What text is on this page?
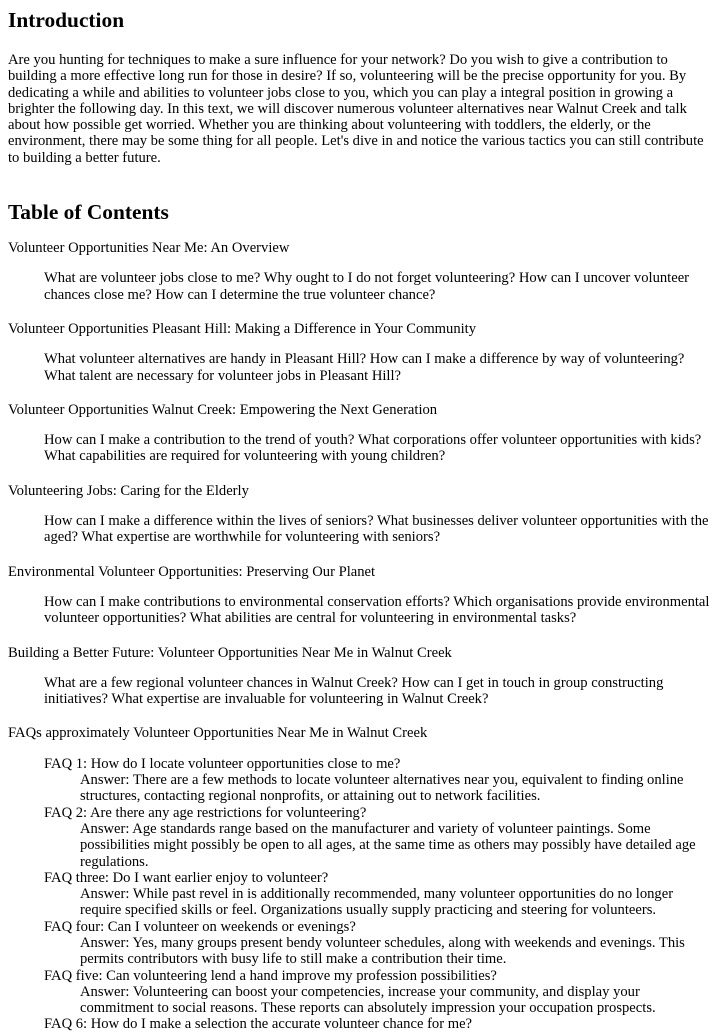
Introduction

Are you hunting for techniques to make a sure influence for your network? Do you wish to give a contribution to building a more effective long run for those in desire? If so, volunteering will be the precise opportunity for you. By dedicating a while and abilities to volunteer jobs close to you, which you can play a integral position in growing a brighter the following day. In this text, we will discover numerous volunteer alternatives near Walnut Creek and talk about how possible get worried. Whether you are thinking about volunteering with toddlers, the elderly, or the environment, there may be some thing for all people. Let's dive in and notice the various tactics you can still contribute to building a better future.

Table of Contents
Volunteer Opportunities Near Me: An Overview
What are volunteer jobs close to me? Why ought to I do not forget volunteering? How can I uncover volunteer chances close me? How can I determine the true volunteer chance?
Volunteer Opportunities Pleasant Hill: Making a Difference in Your Community
What volunteer alternatives are handy in Pleasant Hill? How can I make a difference by way of volunteering? What talent are necessary for volunteer jobs in Pleasant Hill?
Volunteer Opportunities Walnut Creek: Empowering the Next Generation
How can I make a contribution to the trend of youth? What corporations offer volunteer opportunities with kids? What capabilities are required for volunteering with young children?
Volunteering Jobs: Caring for the Elderly
How can I make a difference within the lives of seniors? What businesses deliver volunteer opportunities with the aged? What expertise are worthwhile for volunteering with seniors?
Environmental Volunteer Opportunities: Preserving Our Planet
How can I make contributions to environmental conservation efforts? Which organisations provide environmental volunteer opportunities? What abilities are central for volunteering in environmental tasks?
Building a Better Future: Volunteer Opportunities Near Me in Walnut Creek
What are a few regional volunteer chances in Walnut Creek? How can I get in touch in group constructing initiatives? What expertise are invaluable for volunteering in Walnut Creek?
FAQs approximately Volunteer Opportunities Near Me in Walnut Creek
FAQ 1: How do I locate volunteer opportunities close to me?
Answer: There are a few methods to locate volunteer alternatives near you, equivalent to finding online structures, contacting regional nonprofits, or attaining out to network facilities.
FAQ 2: Are there any age restrictions for volunteering?
Answer: Age standards range based on the manufacturer and variety of volunteer paintings. Some possibilities might possibly be open to all ages, at the same time as others may possibly have detailed age regulations.
FAQ three: Do I want earlier enjoy to volunteer?
Answer: While past revel in is additionally recommended, many volunteer opportunities do no longer require specified skills or feel. Organizations usually supply practicing and steering for volunteers.
FAQ four: Can I volunteer on weekends or evenings?
Answer: Yes, many groups present bendy volunteer schedules, along with weekends and evenings. This permits contributors with busy life to still make a contribution their time.
FAQ five: Can volunteering lend a hand improve my profession possibilities?
Answer: Volunteering can boost your competencies, increase your community, and display your commitment to social reasons. These reports can absolutely impression your occupation prospects.
FAQ 6: How do I make a selection the accurate volunteer chance for me?
